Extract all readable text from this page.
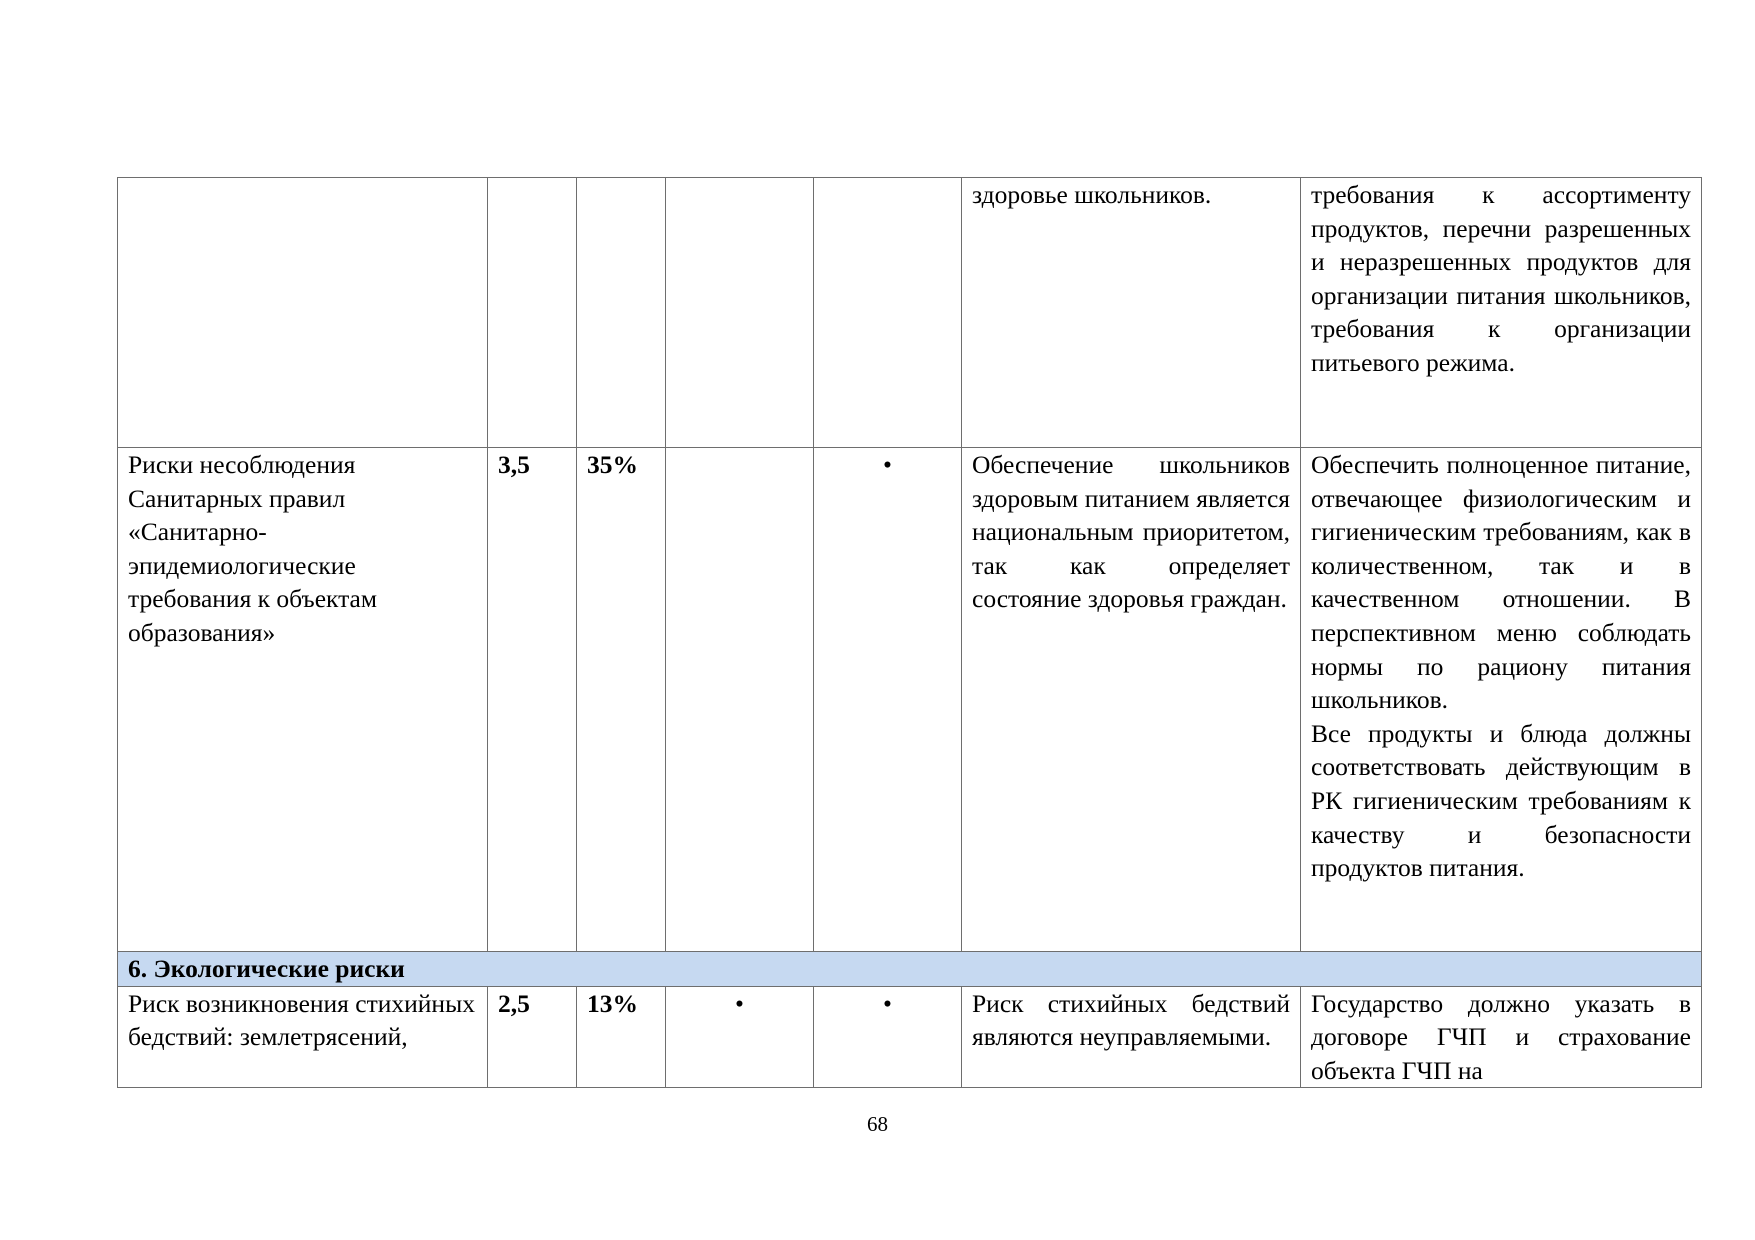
					здоровье школьников.	требования к ассортименту продуктов, перечни разрешенных и неразрешенных продуктов для организации питания школьников, требования к организации питьевого режима.

Риски несоблюдения Санитарных правил «Санитарно-эпидемиологические требования к объектам образования»	3,5	35%		•	Обеспечение школьников здоровым питанием является национальным приоритетом, так как определяет состояние здоровья граждан.	Обеспечить полноценное питание, отвечающее физиологическим и гигиеническим требованиям, как в количественном, так и в качественном отношении. В перспективном меню соблюдать нормы по рациону питания школьников.
Все продукты и блюда должны соответствовать действующим в РК гигиеническим требованиям к качеству и безопасности продуктов питания.

6. Экологические риски						
Риск возникновения стихийных бедствий: землетрясений,	2,5	13%	•	•	Риск стихийных бедствий являются неуправляемыми.	Государство должно указать в договоре ГЧП и страхование объекта ГЧП на
68
